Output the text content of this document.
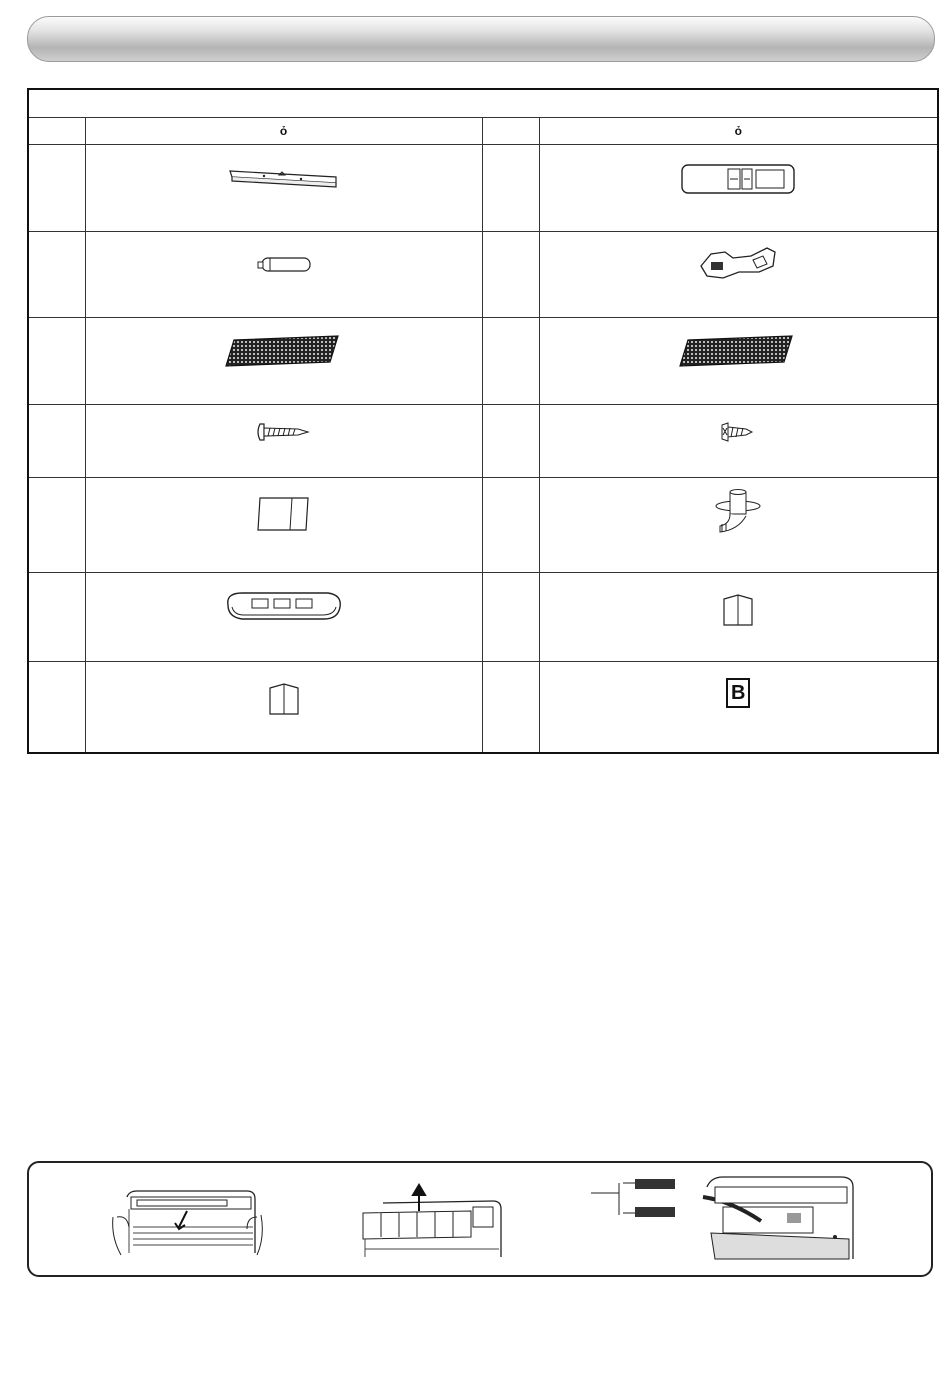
	ỏ		ỏ

			B
